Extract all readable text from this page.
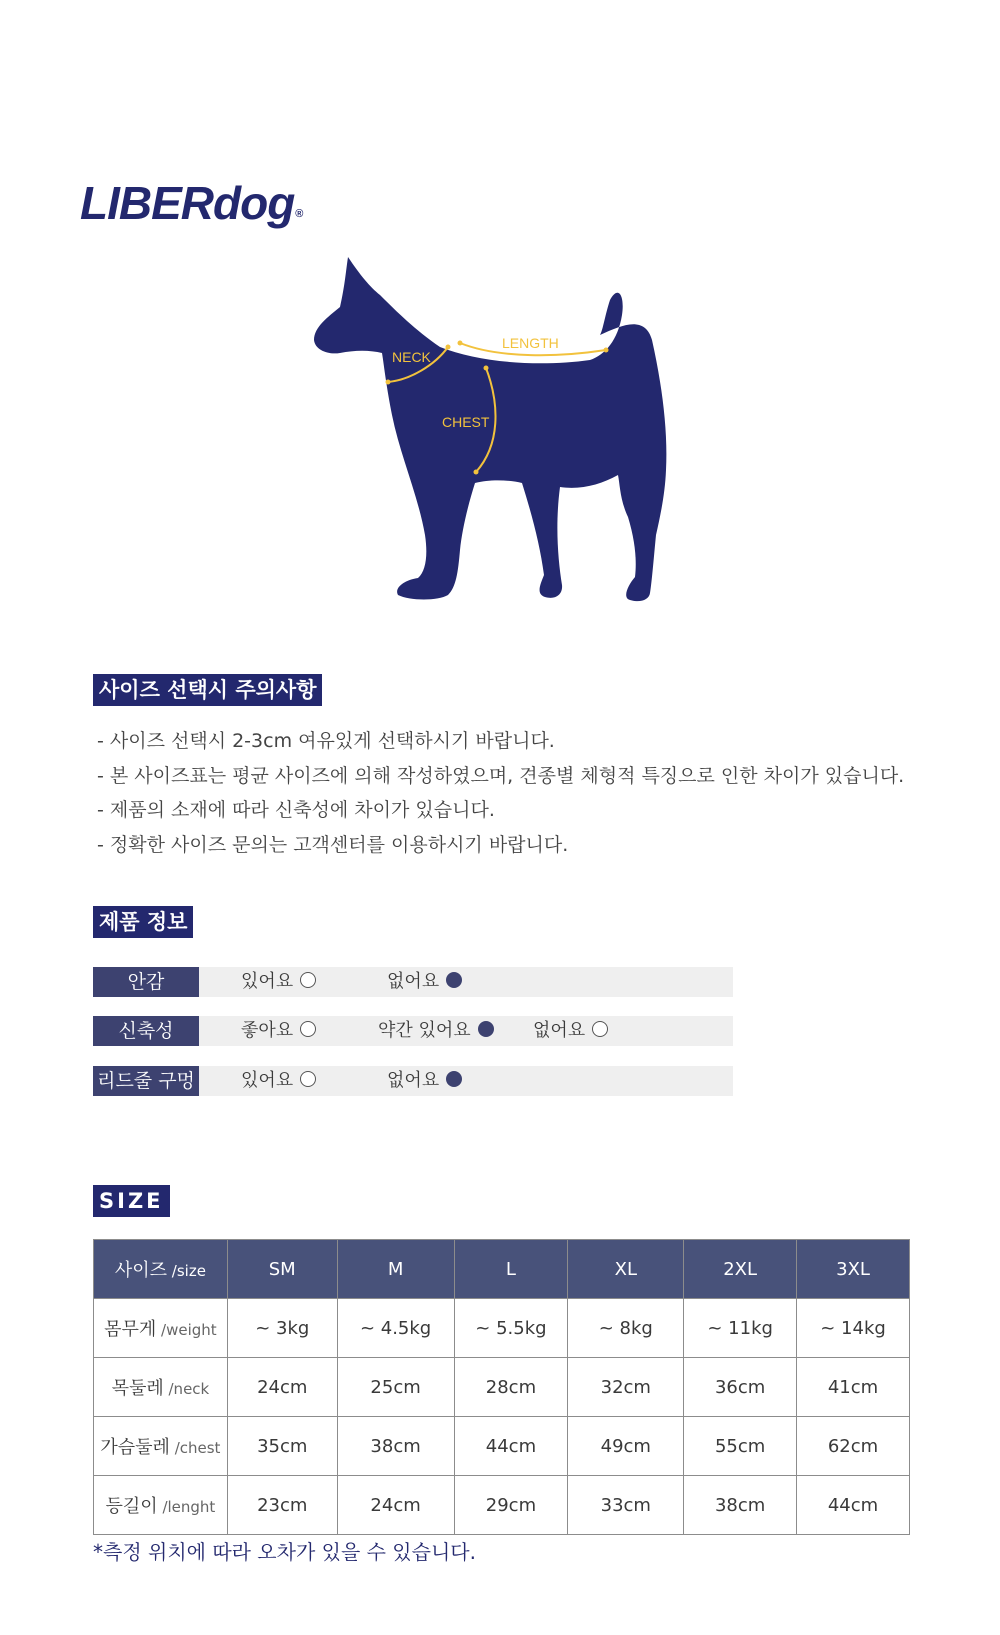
LIBERdog®
NECK
LENGTH
CHEST
사이즈 선택시 주의사항
- 사이즈 선택시 2-3cm 여유있게 선택하시기 바랍니다.
- 본 사이즈표는 평균 사이즈에 의해 작성하였으며, 견종별 체형적 특징으로 인한 차이가 있습니다.
- 제품의 소재에 따라 신축성에 차이가 있습니다.
- 정확한 사이즈 문의는 고객센터를 이용하시기 바랍니다.
제품 정보
안감	있어요	없어요
신축성	좋아요	약간 있어요	없어요
리드줄 구멍	있어요	없어요
SIZE
사이즈 /size	SM	M	L	XL	2XL	3XL
몸무게 /weight	~ 3kg	~ 4.5kg	~ 5.5kg	~ 8kg	~ 11kg	~ 14kg
목둘레 /neck	24cm	25cm	28cm	32cm	36cm	41cm
가슴둘레 /chest	35cm	38cm	44cm	49cm	55cm	62cm
등길이 /lenght	23cm	24cm	29cm	33cm	38cm	44cm
*측정 위치에 따라 오차가 있을 수 있습니다.
